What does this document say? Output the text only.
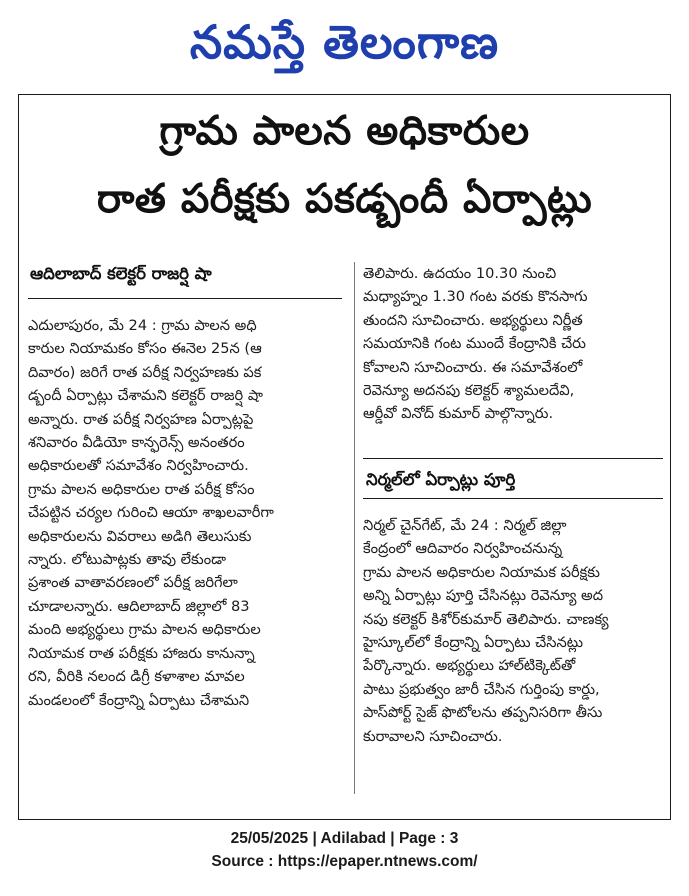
నమస్తే తెలంగాణ
గ్రామ పాలన అధికారుల
రాత పరీక్షకు పకడ్బందీ ఏర్పాట్లు
ఆదిలాబాద్ కలెక్టర్ రాజర్షి షా
ఎదులాపురం, మే 24 : గ్రామ పాలన అధి
కారుల నియామకం కోసం ఈనెల 25న (ఆ
దివారం) జరిగే రాత పరీక్ష నిర్వహణకు పక
డ్బందీ ఏర్పాట్లు చేశామని కలెక్టర్ రాజర్షి షా
అన్నారు. రాత పరీక్ష నిర్వహణ ఏర్పాట్లపై
శనివారం వీడియో కాన్ఫరెన్స్ అనంతరం
అధికారులతో సమావేశం నిర్వహించారు.
గ్రామ పాలన అధికారుల రాత పరీక్ష కోసం
చేపట్టిన చర్యల గురించి ఆయా శాఖలవారీగా
అధికారులను వివరాలు అడిగి తెలుసుకు
న్నారు. లోటుపాట్లకు తావు లేకుండా
ప్రశాంత వాతావరణంలో పరీక్ష జరిగేలా
చూడాలన్నారు. ఆదిలాబాద్ జిల్లాలో 83
మంది అభ్యర్థులు గ్రామ పాలన అధికారుల
నియామక రాత పరీక్షకు హాజరు కానున్నా
రని, వీరికి నలంద డిగ్రీ కళాశాల మావల
మండలంలో కేంద్రాన్ని ఏర్పాటు చేశామని
తెలిపారు. ఉదయం 10.30 నుంచి
మధ్యాహ్నం 1.30 గంట వరకు కొనసాగు
తుందని సూచించారు. అభ్యర్థులు నిర్ణీత
సమయానికి గంట ముందే కేంద్రానికి చేరు
కోవాలని సూచించారు. ఈ సమావేశంలో
రెవెన్యూ అదనపు కలెక్టర్ శ్యామలదేవి,
ఆర్డీవో వినోద్ కుమార్ పాల్గొన్నారు.
నిర్మల్‌లో ఏర్పాట్లు పూర్తి
నిర్మల్ చైన్‌గేట్, మే 24 : నిర్మల్ జిల్లా
కేంద్రంలో ఆదివారం నిర్వహించనున్న
గ్రామ పాలన అధికారుల నియామక పరీక్షకు
అన్ని ఏర్పాట్లు పూర్తి చేసినట్లు రెవెన్యూ అద
నపు కలెక్టర్ కిశోర్‌కుమార్ తెలిపారు. చాణక్య
హైస్కూల్‌లో కేంద్రాన్ని ఏర్పాటు చేసినట్లు
పేర్కొన్నారు. అభ్యర్థులు హాల్‌టిక్కెట్‌తో
పాటు ప్రభుత్వం జారీ చేసిన గుర్తింపు కార్డు,
పాస్‌పోర్ట్ సైజ్ ఫొటోలను తప్పనిసరిగా తీసు
కురావాలని సూచించారు.
25/05/2025 | Adilabad | Page : 3
Source : https://epaper.ntnews.com/
